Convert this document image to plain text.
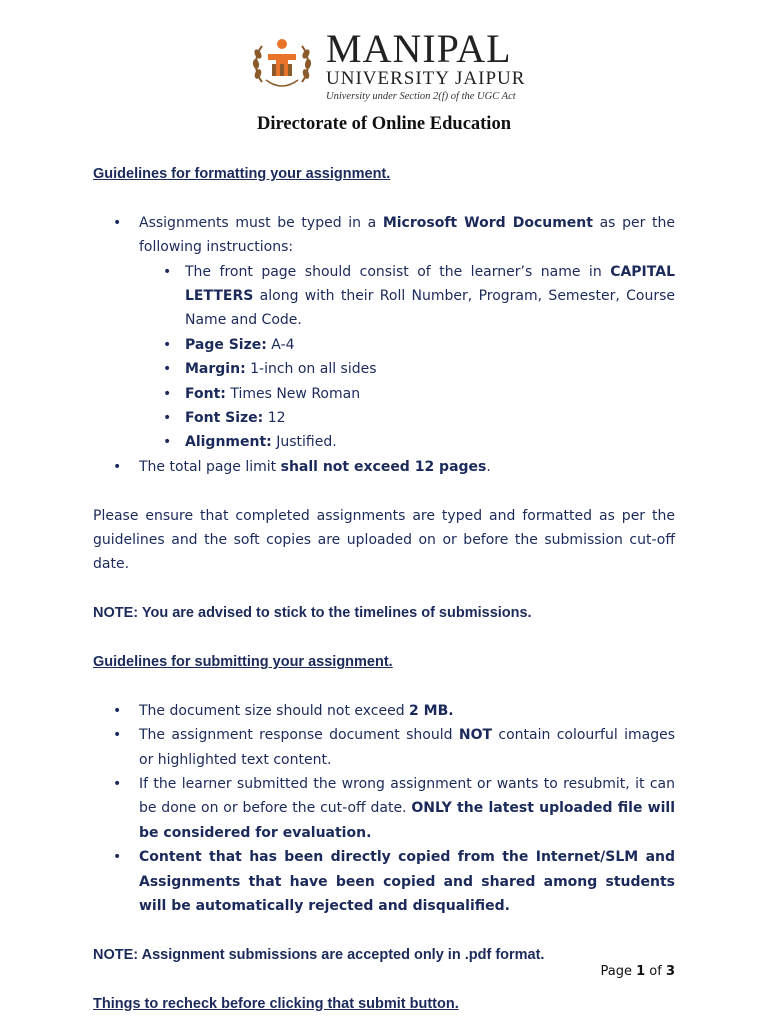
MANIPAL
UNIVERSITY JAIPUR
University under Section 2(f) of the UGC Act
Directorate of Online Education

Guidelines for formatting your assignment.

• Assignments must be typed in a Microsoft Word Document as per the following instructions:
• The front page should consist of the learner’s name in CAPITAL LETTERS along with their Roll Number, Program, Semester, Course Name and Code.
• Page Size: A-4
• Margin: 1-inch on all sides
• Font: Times New Roman
• Font Size: 12
• Alignment: Justified.
• The total page limit shall not exceed 12 pages.

Please ensure that completed assignments are typed and formatted as per the guidelines and the soft copies are uploaded on or before the submission cut-off date.

NOTE: You are advised to stick to the timelines of submissions.

Guidelines for submitting your assignment.

• The document size should not exceed 2 MB.
• The assignment response document should NOT contain colourful images or highlighted text content.
• If the learner submitted the wrong assignment or wants to resubmit, it can be done on or before the cut-off date. ONLY the latest uploaded file will be considered for evaluation.
• Content that has been directly copied from the Internet/SLM and Assignments that have been copied and shared among students will be automatically rejected and disqualified.

NOTE: Assignment submissions are accepted only in .pdf format.

Things to recheck before clicking that submit button.

Page 1 of 3
